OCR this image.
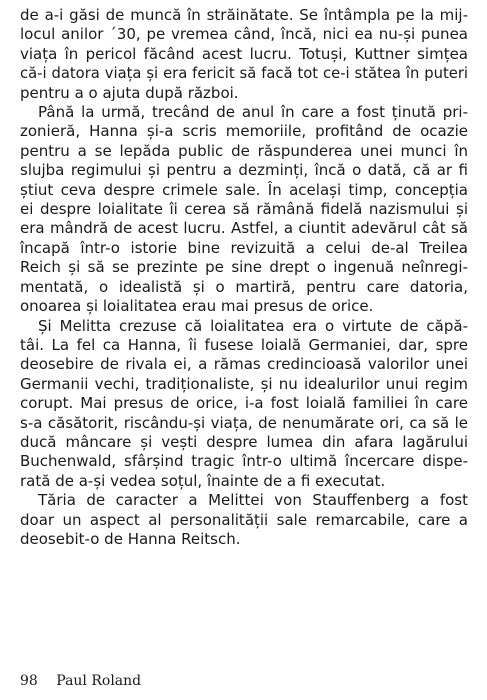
de a-i găsi de muncă în străinătate. Se întâmpla pe la mij-
locul anilor ´30, pe vremea când, încă, nici ea nu-și punea
viața în pericol făcând acest lucru. Totuși, Kuttner simțea
că-i datora viața și era fericit să facă tot ce-i stătea în puteri
pentru a o ajuta după război.

Până la urmă, trecând de anul în care a fost ținută pri-
zonieră, Hanna și-a scris memoriile, profitând de ocazie
pentru a se lepăda public de răspunderea unei munci în
slujba regimului și pentru a dezminți, încă o dată, că ar fi
știut ceva despre crimele sale. În același timp, concepția
ei despre loialitate îi cerea să rămână fidelă nazismului și
era mândră de acest lucru. Astfel, a ciuntit adevărul cât să
încapă într-o istorie bine revizuită a celui de-al Treilea
Reich și să se prezinte pe sine drept o ingenuă neînregi-
mentată, o idealistă și o martiră, pentru care datoria,
onoarea și loialitatea erau mai presus de orice.

Și Melitta crezuse că loialitatea era o virtute de căpă-
tâi. La fel ca Hanna, îi fusese loială Germaniei, dar, spre
deosebire de rivala ei, a rămas credincioasă valorilor unei
Germanii vechi, tradiționaliste, și nu idealurilor unui regim
corupt. Mai presus de orice, i-a fost loială familiei în care
s-a căsătorit, riscându-și viața, de nenumărate ori, ca să le
ducă mâncare și vești despre lumea din afara lagărului
Buchenwald, sfârșind tragic într-o ultimă încercare dispe-
rată de a-și vedea soțul, înainte de a fi executat.

Tăria de caracter a Melittei von Stauffenberg a fost
doar un aspect al personalității sale remarcabile, care a
deosebit-o de Hanna Reitsch.

98 Paul Roland
